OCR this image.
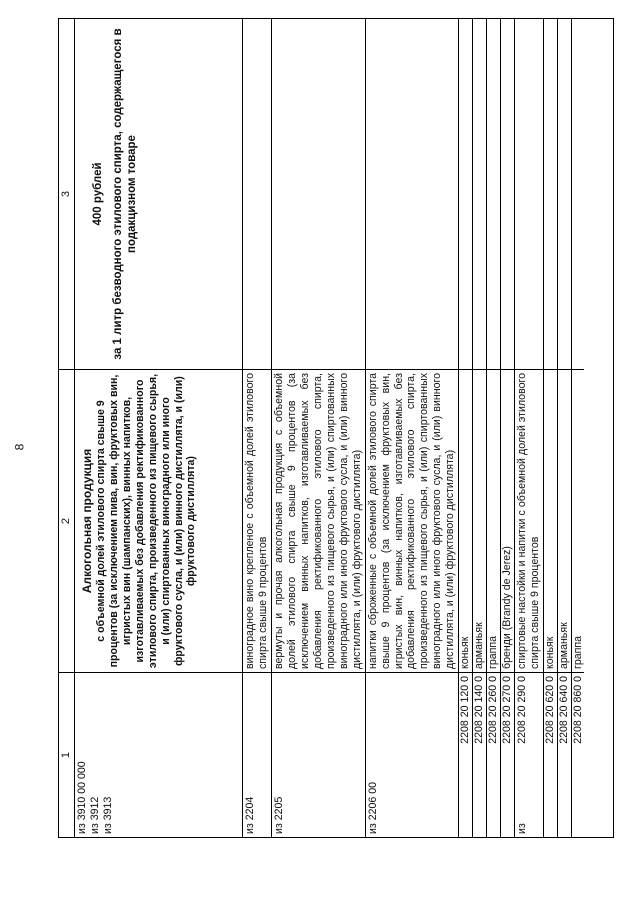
8
1
2
3
из 3910 00 000 из 3912 из 3913
Алкогольная продукция с объемной долей этилового спирта свыше 9 процентов (за исключением пива, вин, фруктовых вин, игристых вин (шампанских), винных напитков, изготавливаемых без добавления ректификованного этилового спирта, произведенного из пищевого сырья, и (или) спиртованных виноградного или иного фруктового сусла, и (или) винного дистиллята, и (или) фруктового дистиллята)

400 рублей за 1 литр безводного этилового спирта, содержащегося в подакцизном товаре

из 2204
виноградное вино крепленое с объемной долей этилового спирта свыше 9 процентов
из 2205
вермуты и прочая алкогольная продукция с объемной долей этилового спирта свыше 9 процентов (за исключением винных напитков, изготавливаемых без добавления ректификованного этилового спирта, произведенного из пищевого сырья, и (или) спиртованных виноградного или иного фруктового сусла, и (или) винного дистиллята, и (или) фруктового дистиллята)
из 2206 00
напитки сброженные с объемной долей этилового спирта свыше 9 процентов (за исключением фруктовых вин, игристых вин, винных напитков, изготавливаемых без добавления ректификованного этилового спирта, произведенного из пищевого сырья, и (или) спиртованных виноградного или иного фруктового сусла, и (или) винного дистиллята, и (или) фруктового дистиллята)
2208 20 120 0
коньяк
2208 20 140 0
арманьяк
2208 20 260 0
граппа
2208 20 270 0
бренди (Brandy de Jerez)
из
2208 20 290 0
спиртовые настойки и напитки с объемной долей этилового спирта свыше 9 процентов
2208 20 620 0
коньяк
2208 20 640 0
арманьяк
2208 20 860 0
граппа
